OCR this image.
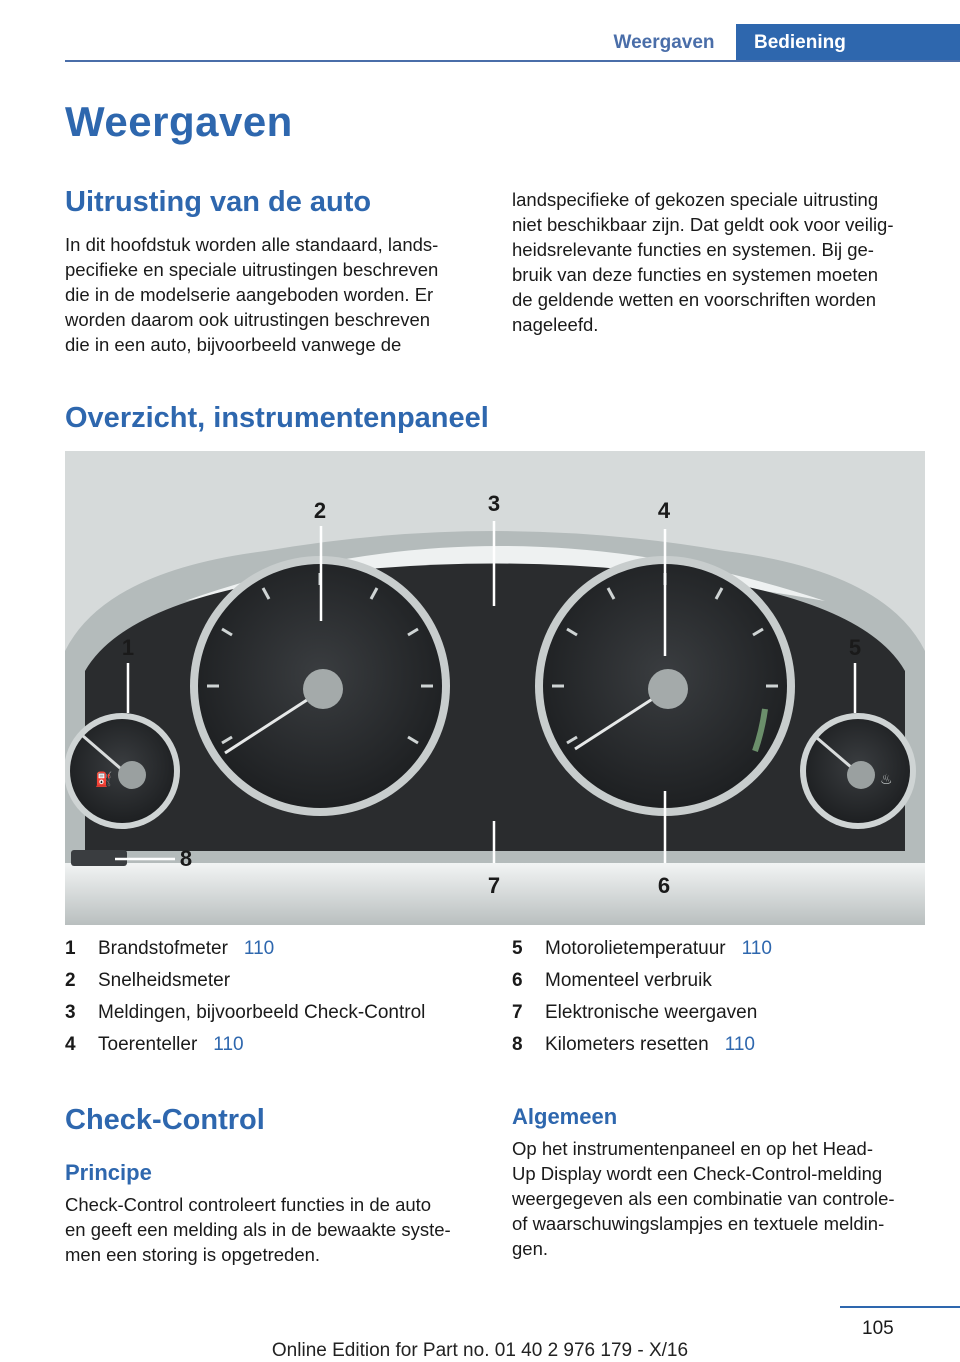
Weergaven	Bediening
Weergaven
Uitrusting van de auto
In dit hoofdstuk worden alle standaard, lands-
pecifieke en speciale uitrustingen beschreven
die in de modelserie aangeboden worden. Er
worden daarom ook uitrustingen beschreven
die in een auto, bijvoorbeeld vanwege de
landspecifieke of gekozen speciale uitrusting
niet beschikbaar zijn. Dat geldt ook voor veilig-
heidsrelevante functies en systemen. Bij ge-
bruik van deze functies en systemen moeten
de geldende wetten en voorschriften worden
nageleefd.
Overzicht, instrumentenpaneel
⛽	♨
1
2	3	4
5
6
7
8
1	Brandstofmeter 110
2	Snelheidsmeter
3	Meldingen, bijvoorbeeld Check-Control
4	Toerenteller 110
5	Motorolietemperatuur 110
6	Momenteel verbruik
7	Elektronische weergaven
8	Kilometers resetten 110
Check-Control
Principe
Check-Control controleert functies in de auto
en geeft een melding als in de bewaakte syste-
men een storing is opgetreden.
Algemeen
Op het instrumentenpaneel en op het Head-
Up Display wordt een Check-Control-melding
weergegeven als een combinatie van controle-
of waarschuwingslampjes en textuele meldin-
gen.
105
Online Edition for Part no. 01 40 2 976 179 - X/16
